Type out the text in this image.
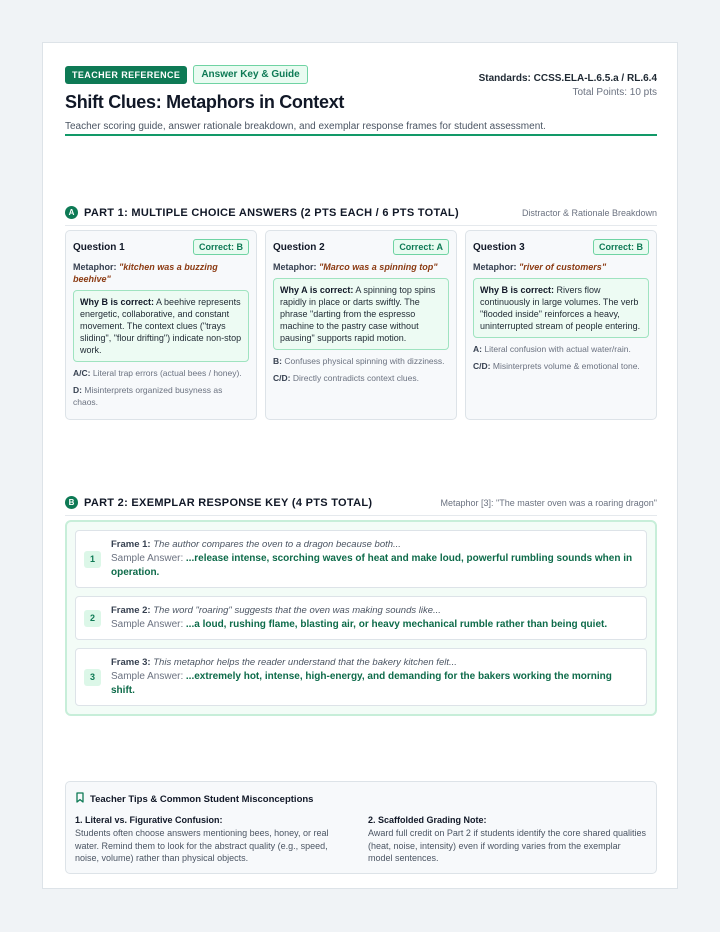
TEACHER REFERENCE	Answer Key & Guide
Shift Clues: Metaphors in Context
Teacher scoring guide, answer rationale breakdown, and exemplar response frames for student assessment.
Standards: CCSS.ELA-L.6.5.a / RL.6.4
Total Points: 10 pts
A PART 1: MULTIPLE CHOICE ANSWERS (2 PTS EACH / 6 PTS TOTAL)	Distractor & Rationale Breakdown
Question 1	Correct: B
Metaphor: "kitchen was a buzzing beehive"
Why B is correct: A beehive represents energetic, collaborative, and constant movement. The context clues ("trays sliding", "flour drifting") indicate non-stop work.
A/C: Literal trap errors (actual bees / honey).
D: Misinterprets organized busyness as chaos.
Question 2	Correct: A
Metaphor: "Marco was a spinning top"
Why A is correct: A spinning top spins rapidly in place or darts swiftly. The phrase "darting from the espresso machine to the pastry case without pausing" supports rapid motion.
B: Confuses physical spinning with dizziness.
C/D: Directly contradicts context clues.
Question 3	Correct: B
Metaphor: "river of customers"
Why B is correct: Rivers flow continuously in large volumes. The verb "flooded inside" reinforces a heavy, uninterrupted stream of people entering.
A: Literal confusion with actual water/rain.
C/D: Misinterprets volume & emotional tone.
B PART 2: EXEMPLAR RESPONSE KEY (4 PTS TOTAL)	Metaphor [3]: "The master oven was a roaring dragon"
1
Frame 1: The author compares the oven to a dragon because both...
Sample Answer: ...release intense, scorching waves of heat and make loud, powerful rumbling sounds when in operation.
2
Frame 2: The word "roaring" suggests that the oven was making sounds like...
Sample Answer: ...a loud, rushing flame, blasting air, or heavy mechanical rumble rather than being quiet.
3
Frame 3: This metaphor helps the reader understand that the bakery kitchen felt...
Sample Answer: ...extremely hot, intense, high-energy, and demanding for the bakers working the morning shift.
Teacher Tips & Common Student Misconceptions
1. Literal vs. Figurative Confusion:
Students often choose answers mentioning bees, honey, or real water. Remind them to look for the abstract quality (e.g., speed, noise, volume) rather than physical objects.
2. Scaffolded Grading Note:
Award full credit on Part 2 if students identify the core shared qualities (heat, noise, intensity) even if wording varies from the exemplar model sentences.
